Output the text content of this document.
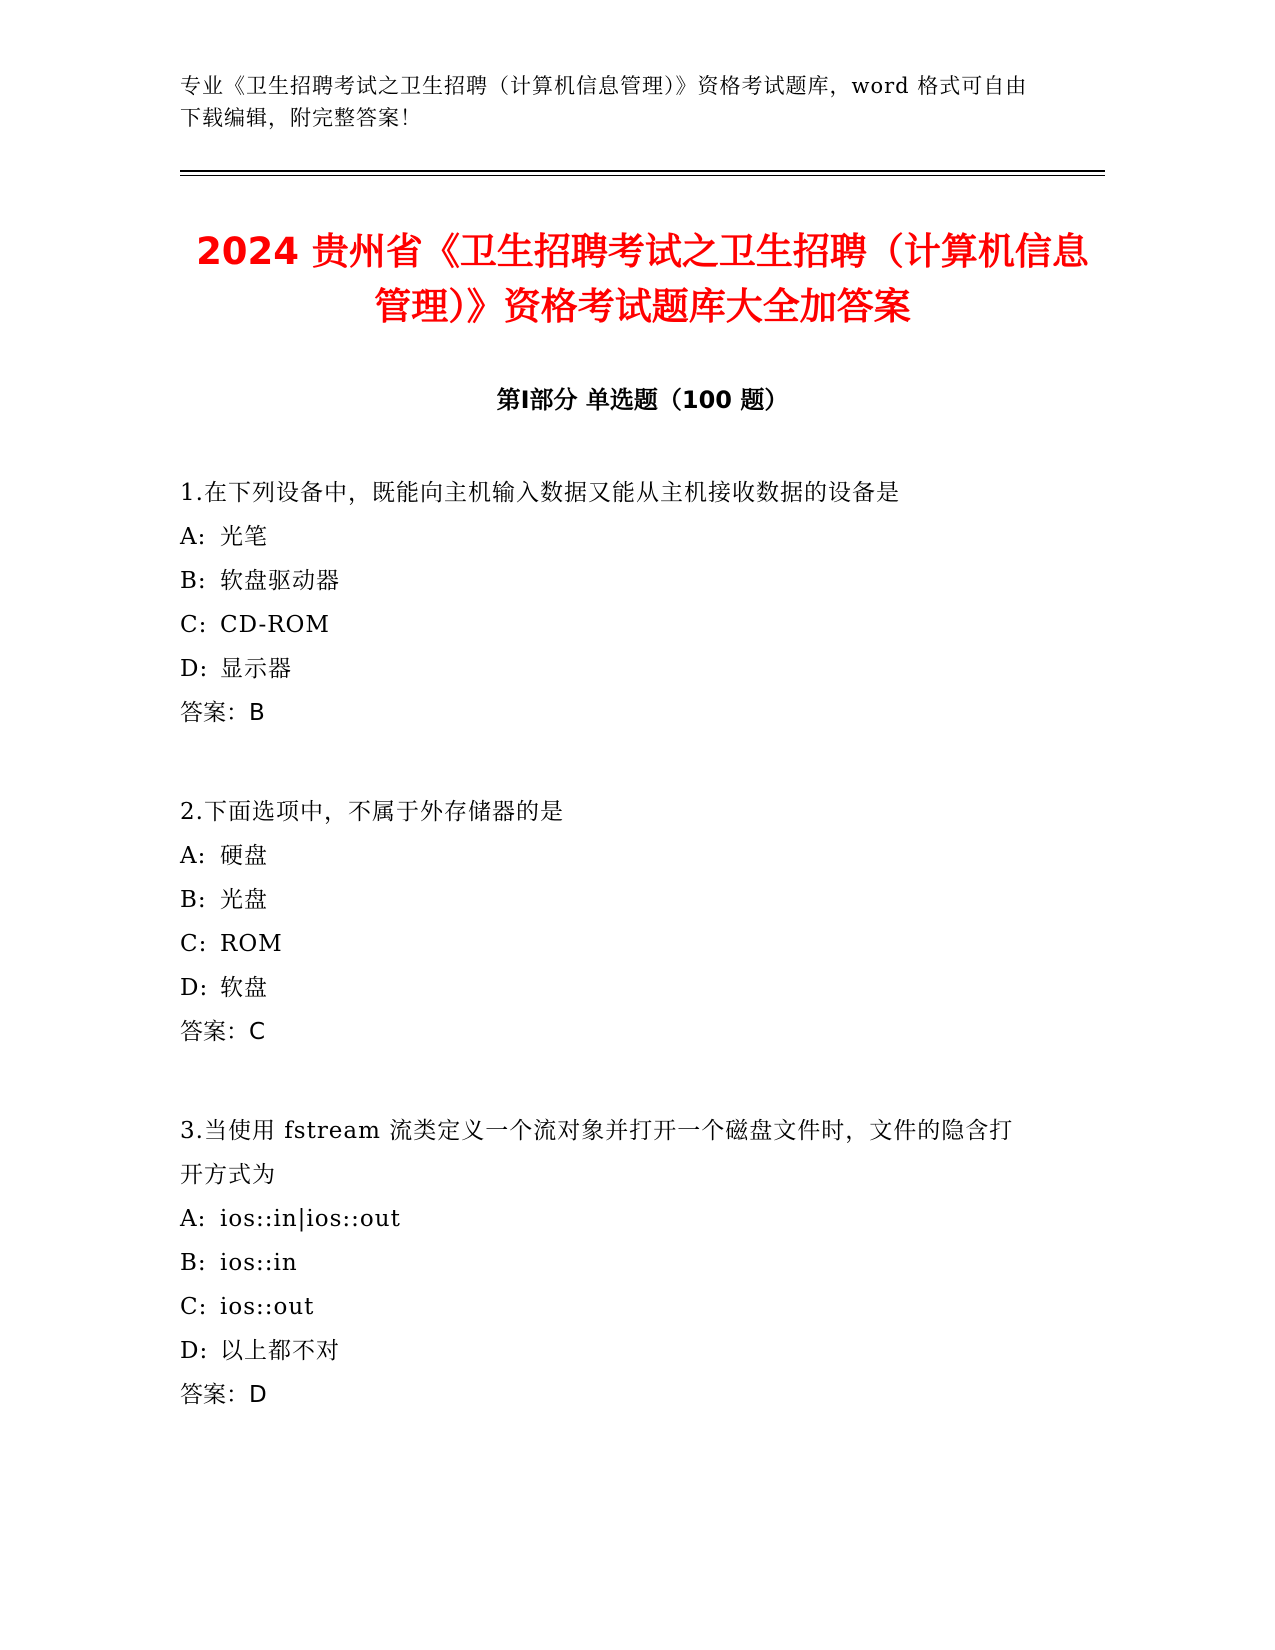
专业《卫生招聘考试之卫生招聘（计算机信息管理）》资格考试题库，word 格式可自由下载编辑，附完整答案！

2024 贵州省《卫生招聘考试之卫生招聘（计算机信息管理）》资格考试题库大全加答案
第Ⅰ部分 单选题（100 题）

1.在下列设备中，既能向主机输入数据又能从主机接收数据的设备是

A: 光笔

B: 软盘驱动器

C: CD-ROM

D: 显示器

答案：B

2.下面选项中，不属于外存储器的是

A: 硬盘

B: 光盘

C: ROM

D: 软盘

答案：C

3.当使用 fstream 流类定义一个流对象并打开一个磁盘文件时，文件的隐含打开方式为

A: ios::in|ios::out

B: ios::in

C: ios::out

D: 以上都不对

答案：D
